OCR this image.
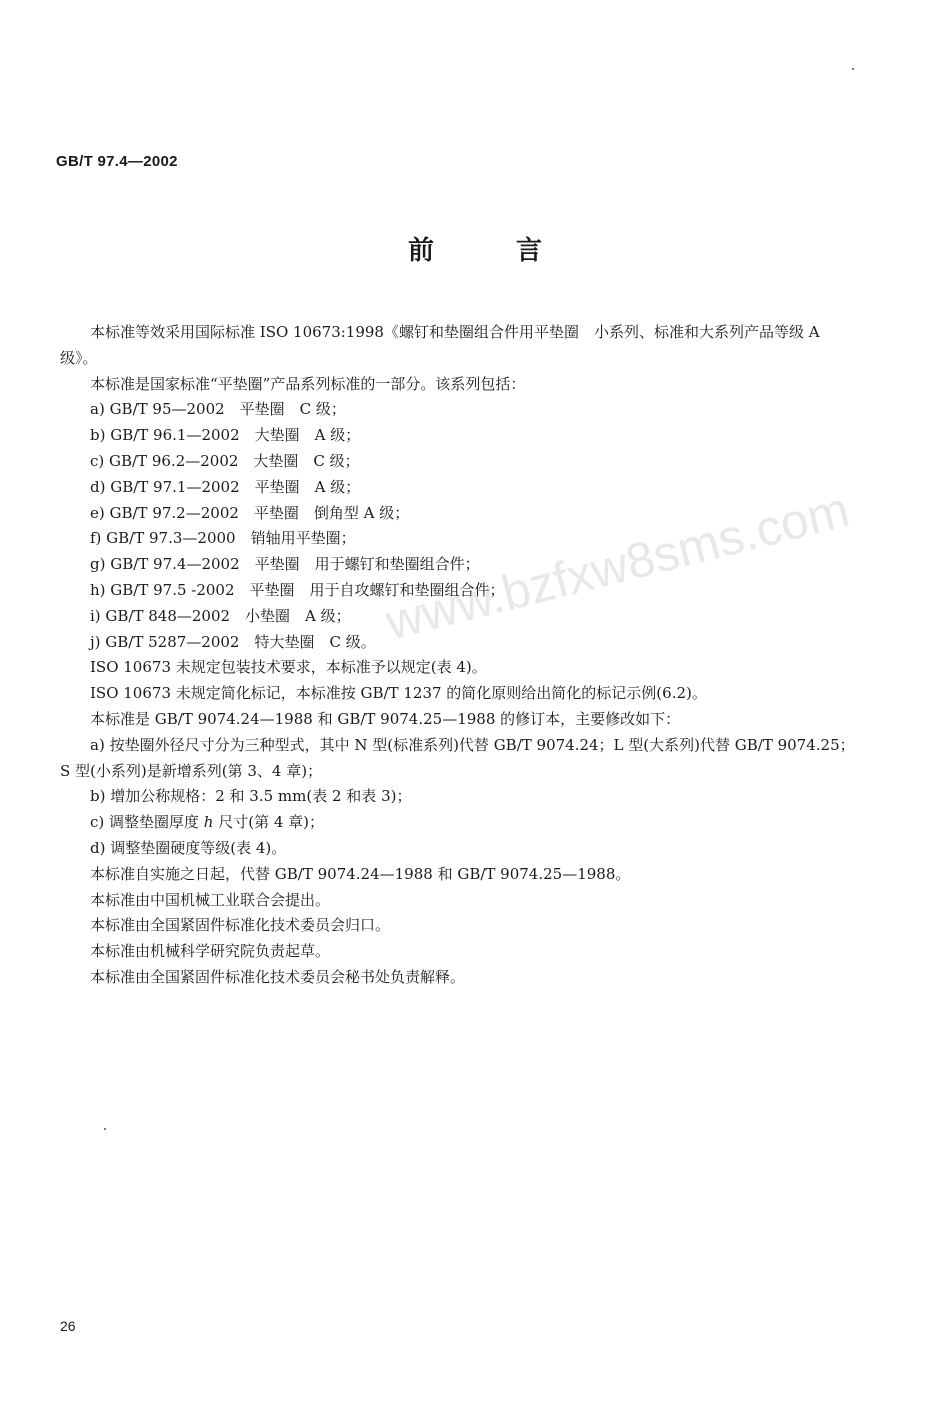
GB/T 97.4—2002
前言

本标准等效采用国际标准 ISO 10673:1998《螺钉和垫圈组合件用平垫圈　小系列、标准和大系列产品等级 A 级》。

本标准是国家标准“平垫圈”产品系列标准的一部分。该系列包括：

a) GB/T 95—2002　平垫圈　C 级；

b) GB/T 96.1—2002　大垫圈　A 级；

c) GB/T 96.2—2002　大垫圈　C 级；

d) GB/T 97.1—2002　平垫圈　A 级；

e) GB/T 97.2—2002　平垫圈　倒角型 A 级；

f) GB/T 97.3—2000　销轴用平垫圈；

g) GB/T 97.4—2002　平垫圈　用于螺钉和垫圈组合件；

h) GB/T 97.5 -2002　平垫圈　用于自攻螺钉和垫圈组合件；

i) GB/T 848—2002　小垫圈　A 级；

j) GB/T 5287—2002　特大垫圈　C 级。

ISO 10673 未规定包装技术要求，本标准予以规定(表 4)。

ISO 10673 未规定简化标记，本标准按 GB/T 1237 的简化原则给出简化的标记示例(6.2)。

本标准是 GB/T 9074.24—1988 和 GB/T 9074.25—1988 的修订本，主要修改如下：

a) 按垫圈外径尺寸分为三种型式，其中 N 型(标准系列)代替 GB/T 9074.24；L 型(大系列)代替 GB/T 9074.25；S 型(小系列)是新增系列(第 3、4 章)；

b) 增加公称规格：2 和 3.5 mm(表 2 和表 3)；

c) 调整垫圈厚度 h 尺寸(第 4 章)；

d) 调整垫圈硬度等级(表 4)。

本标准自实施之日起，代替 GB/T 9074.24—1988 和 GB/T 9074.25—1988。

本标准由中国机械工业联合会提出。

本标准由全国紧固件标准化技术委员会归口。

本标准由机械科学研究院负责起草。

本标准由全国紧固件标准化技术委员会秘书处负责解释。

www.bzfxw8sms.com
26
